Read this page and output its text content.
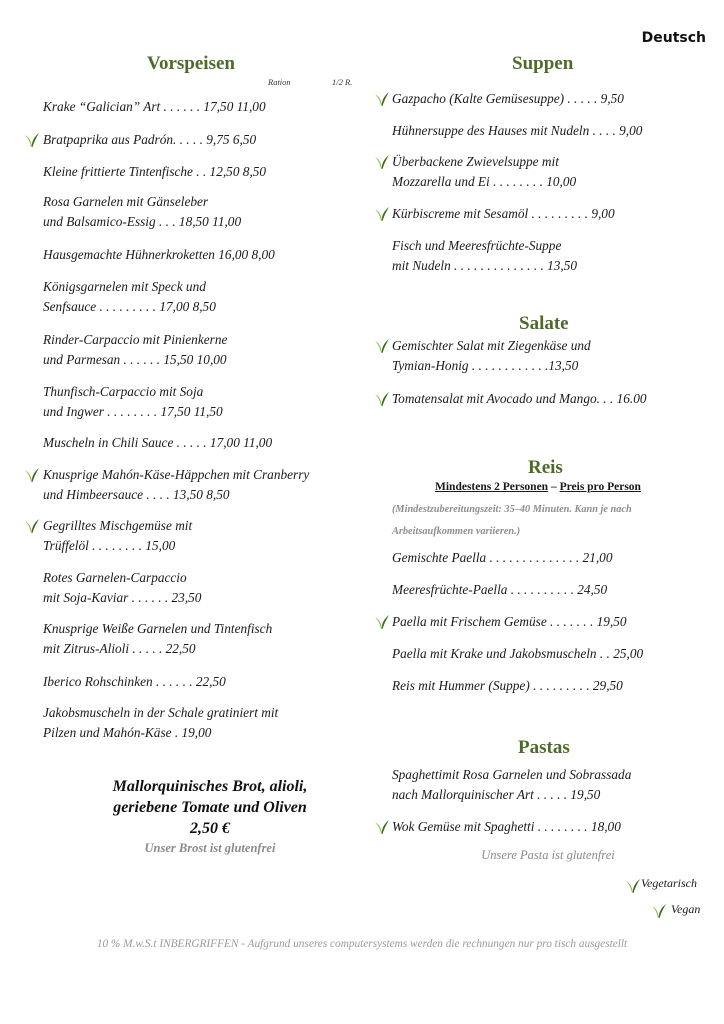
Deutsch
Vorspeisen
Ration	1/2 R.
Krake “Galician” Art . . . . . . 17,50 11,00
Bratpaprika aus Padrón. . . . . 9,75 6,50
Kleine frittierte Tintenfische . . 12,50 8,50
Rosa Garnelen mit Gänseleber
und Balsamico-Essig . . . 18,50 11,00
Hausgemachte Hühnerkroketten 16,00 8,00
Königsgarnelen mit Speck und
Senfsauce . . . . . . . . . 17,00 8,50
Rinder-Carpaccio mit Pinienkerne
und Parmesan . . . . . . 15,50 10,00
Thunfisch-Carpaccio mit Soja
und Ingwer . . . . . . . . 17,50 11,50
Muscheln in Chili Sauce . . . . . 17,00 11,00
Knusprige Mahón-Käse-Häppchen mit Cranberry
und Himbeersauce . . . . 13,50 8,50
Gegrilltes Mischgemüse mit
Trüffelöl . . . . . . . . 15,00
Rotes Garnelen-Carpaccio
mit Soja-Kaviar . . . . . . 23,50
Knusprige Weiße Garnelen und Tintenfisch
mit Zitrus-Alioli . . . . . 22,50
Iberico Rohschinken . . . . . . 22,50
Jakobsmuscheln in der Schale gratiniert mit
Pilzen und Mahón-Käse . 19,00
Mallorquinisches Brot, alioli,
geriebene Tomate und Oliven
2,50 €
Unser Brost ist glutenfrei
Suppen
Salate
Reis
Mindestens 2 Personen – Preis pro Person
(Mindestzubereitungszeit: 35–40 Minuten. Kann je nach
Arbeitsaufkommen variieren.)
Pastas
Gazpacho (Kalte Gemüsesuppe) . . . . . 9,50
Hühnersuppe des Hauses mit Nudeln . . . . 9,00
Überbackene Zwievelsuppe mit
Mozzarella und Ei . . . . . . . . 10,00
Kürbiscreme mit Sesamöl . . . . . . . . . 9,00
Fisch und Meeresfrüchte-Suppe
mit Nudeln . . . . . . . . . . . . . . 13,50
Gemischter Salat mit Ziegenkäse und
Tymian-Honig . . . . . . . . . . . .13,50
Tomatensalat mit Avocado und Mango. . . 16.00
Gemischte Paella . . . . . . . . . . . . . . 21,00
Meeresfrüchte-Paella . . . . . . . . . . 24,50
Paella mit Frischem Gemüse . . . . . . . 19,50
Paella mit Krake und Jakobsmuscheln . . 25,00
Reis mit Hummer (Suppe) . . . . . . . . . 29,50
Spaghettimit Rosa Garnelen und Sobrassada
nach Mallorquinischer Art . . . . . 19,50
Wok Gemüse mit Spaghetti . . . . . . . . 18,00
Unsere Pasta ist glutenfrei
Vegetarisch
Vegan
10 % M.w.S.t INBERGRIFFEN - Aufgrund unseres computersystems werden die rechnungen nur pro tisch ausgestellt
